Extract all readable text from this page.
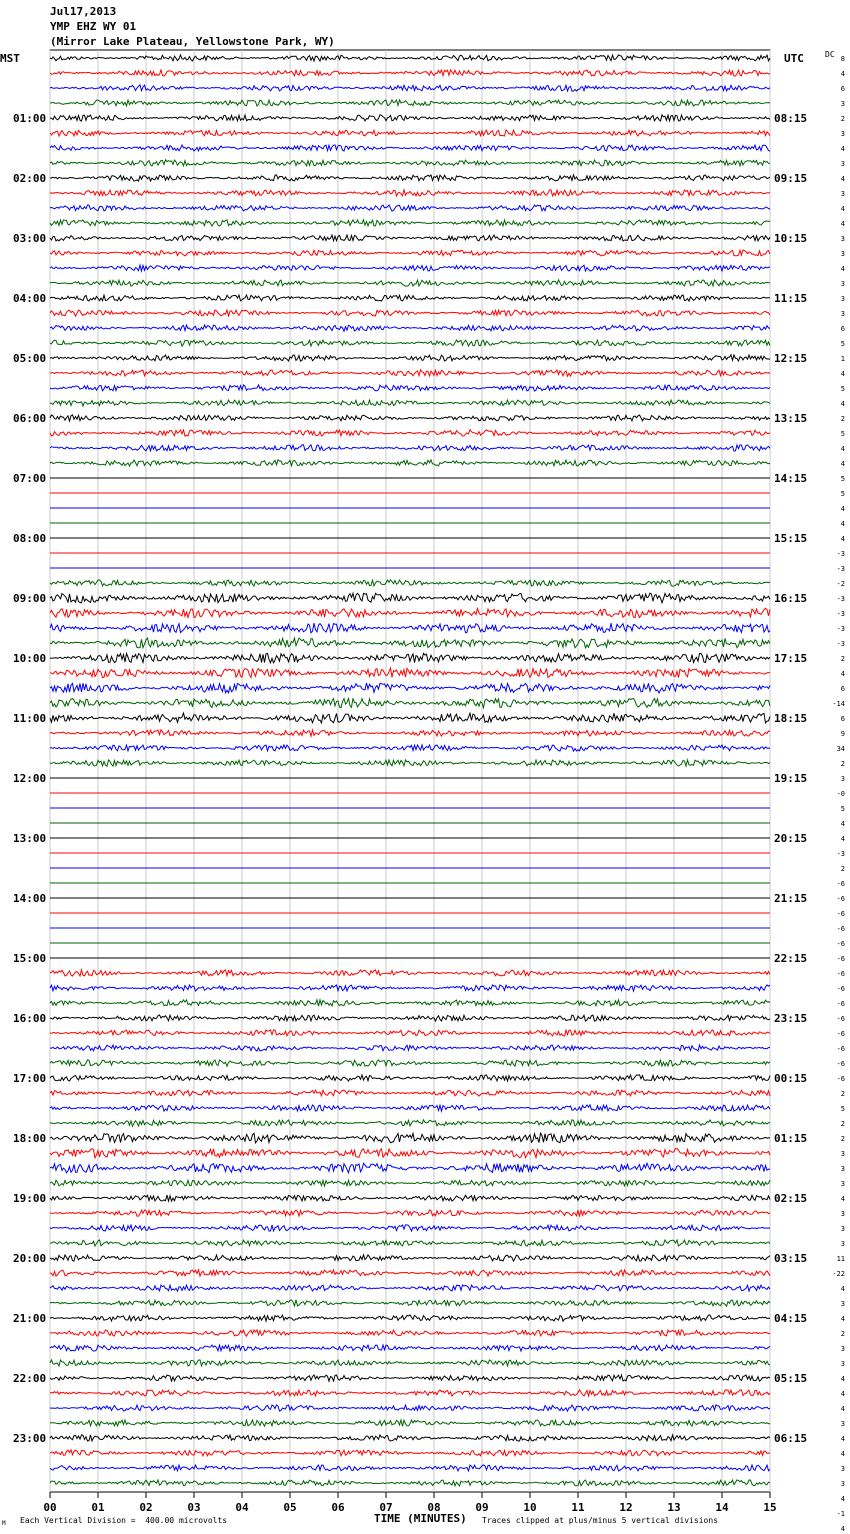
Jul17,2013
YMP EHZ WY 01
(Mirror Lake Plateau, Yellowstone Park, WY)
MST	UTC	DC
01:00
02:00
03:00
04:00
05:00
06:00
07:00
08:00
09:00
10:00
11:00
12:00
13:00
14:00
15:00
16:00
17:00
18:00
19:00
20:00
21:00
22:00
23:00
08:15
09:15
10:15
11:15
12:15
13:15
14:15
15:15
16:15
17:15
18:15
19:15
20:15
21:15
22:15
23:15
00:15
01:15
02:15
03:15
04:15
05:15
06:15
8
4
6
3
2
3
4
3
4
3
4
4
3
3
4
3
3
3
6
5
1
4
5
4
2
5
4
4
5
5
4
4
4
-3
-3
-2
-3
-3
-3
-3
2
4
6
-14
6
9
34
2
3
-0
5
4
4
-3
2
-6
-6
-6
-6
-6
-6
-6
-6
-6
-6
-6
-6
-6
-6
2
5
2
2
3
3
3
4
3
3
3
11
-22
4
3
4
2
3
3
4
4
4
3
4
4
3
3
4
-1
4
00	01	02	03	04	05	06	07	08	09	10	11	12	13	14	15
TIME (MINUTES)
Each Vertical Division =  400.00 microvolts	Traces clipped at plus/minus 5 vertical divisions
M
